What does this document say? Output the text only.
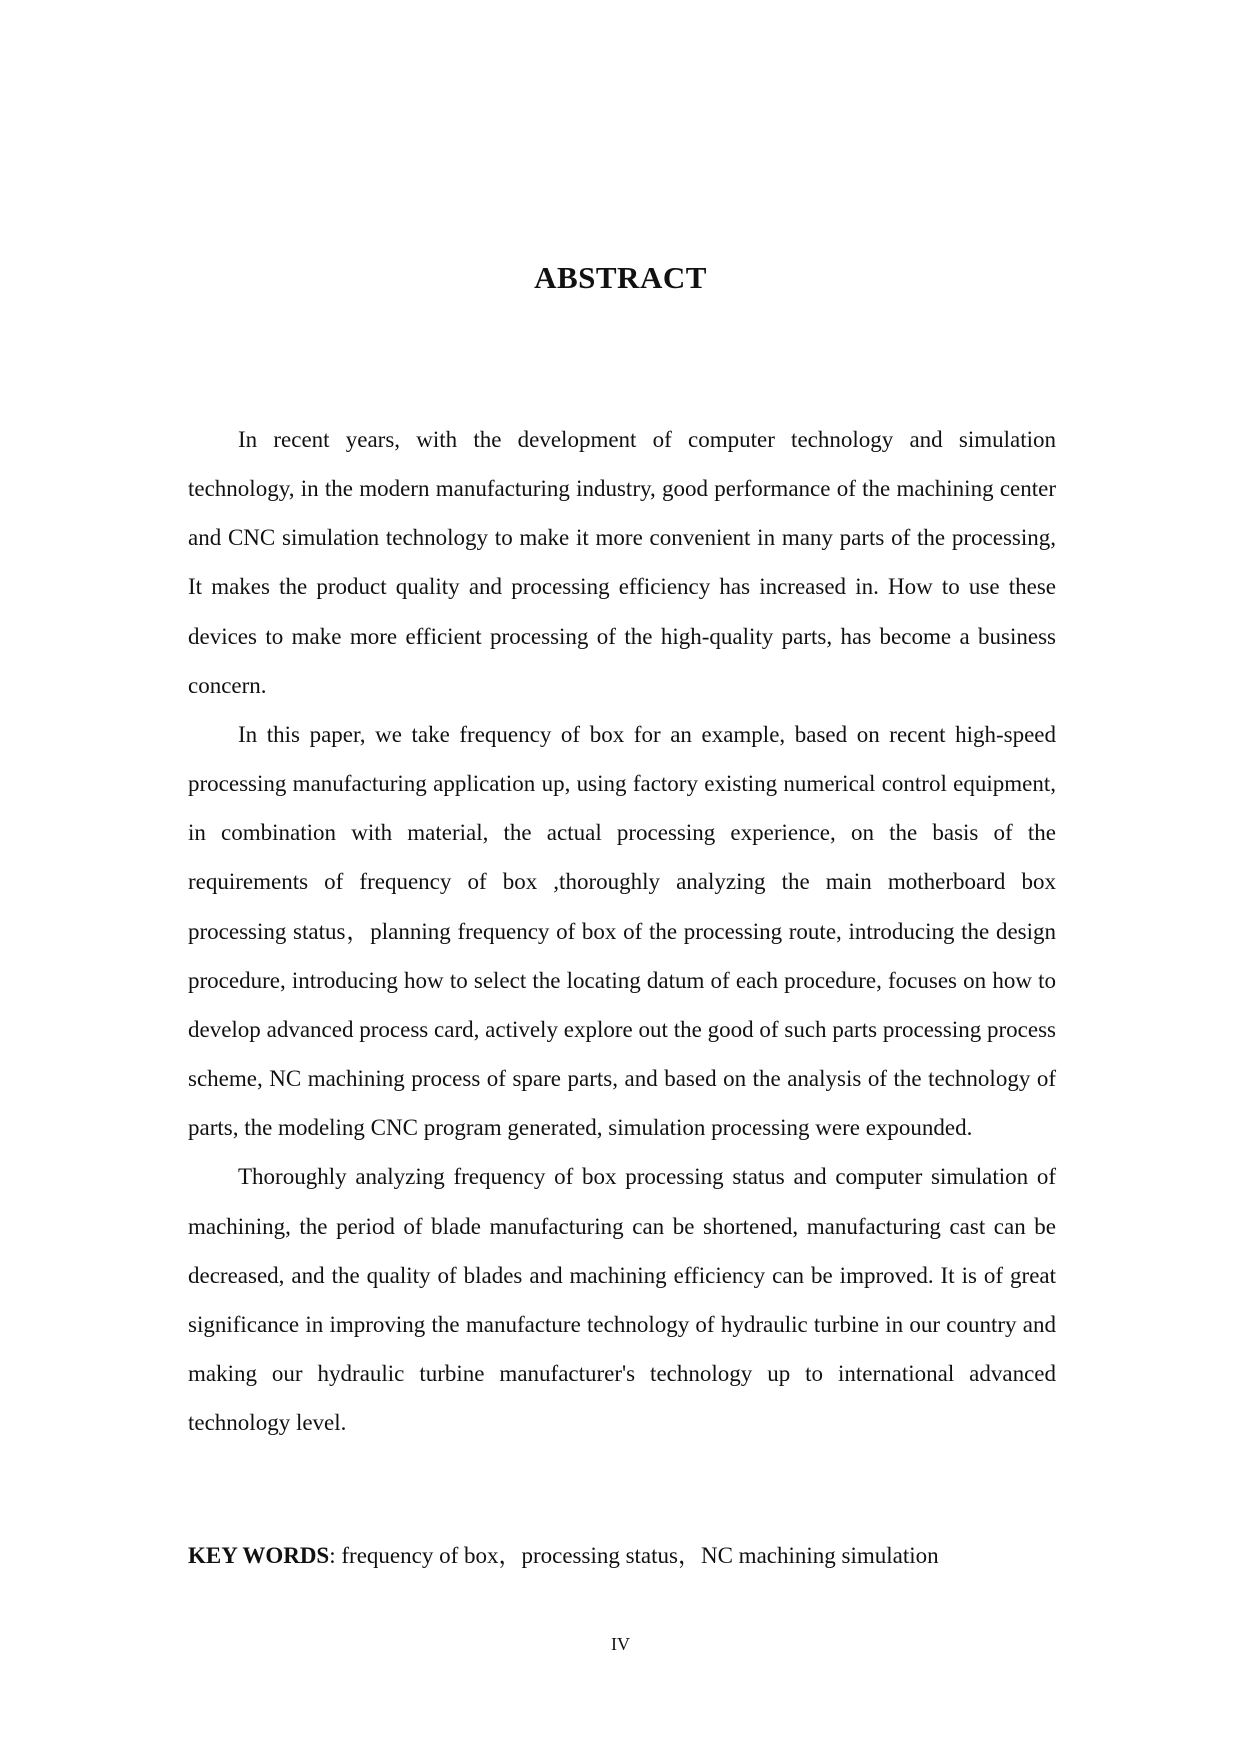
ABSTRACT

In recent years, with the development of computer technology and simulation technology, in the modern manufacturing industry, good performance of the machining center and CNC simulation technology to make it more convenient in many parts of the processing, It makes the product quality and processing efficiency has increased in. How to use these devices to make more efficient processing of the high-quality parts, has become a business concern.

In this paper, we take frequency of box for an example, based on recent high-speed processing manufacturing application up, using factory existing numerical control equipment, in combination with material, the actual processing experience, on the basis of the requirements of frequency of box ,thoroughly analyzing the main motherboard box processing status，planning frequency of box of the processing route, introducing the design procedure, introducing how to select the locating datum of each procedure, focuses on how to develop advanced process card, actively explore out the good of such parts processing process scheme, NC machining process of spare parts, and based on the analysis of the technology of parts, the modeling CNC program generated, simulation processing were expounded.

Thoroughly analyzing frequency of box processing status and computer simulation of machining, the period of blade manufacturing can be shortened, manufacturing cast can be decreased, and the quality of blades and machining efficiency can be improved. It is of great significance in improving the manufacture technology of hydraulic turbine in our country and making our hydraulic turbine manufacturer's technology up to international advanced technology level.

KEY WORDS: frequency of box，processing status，NC machining simulation

IV
